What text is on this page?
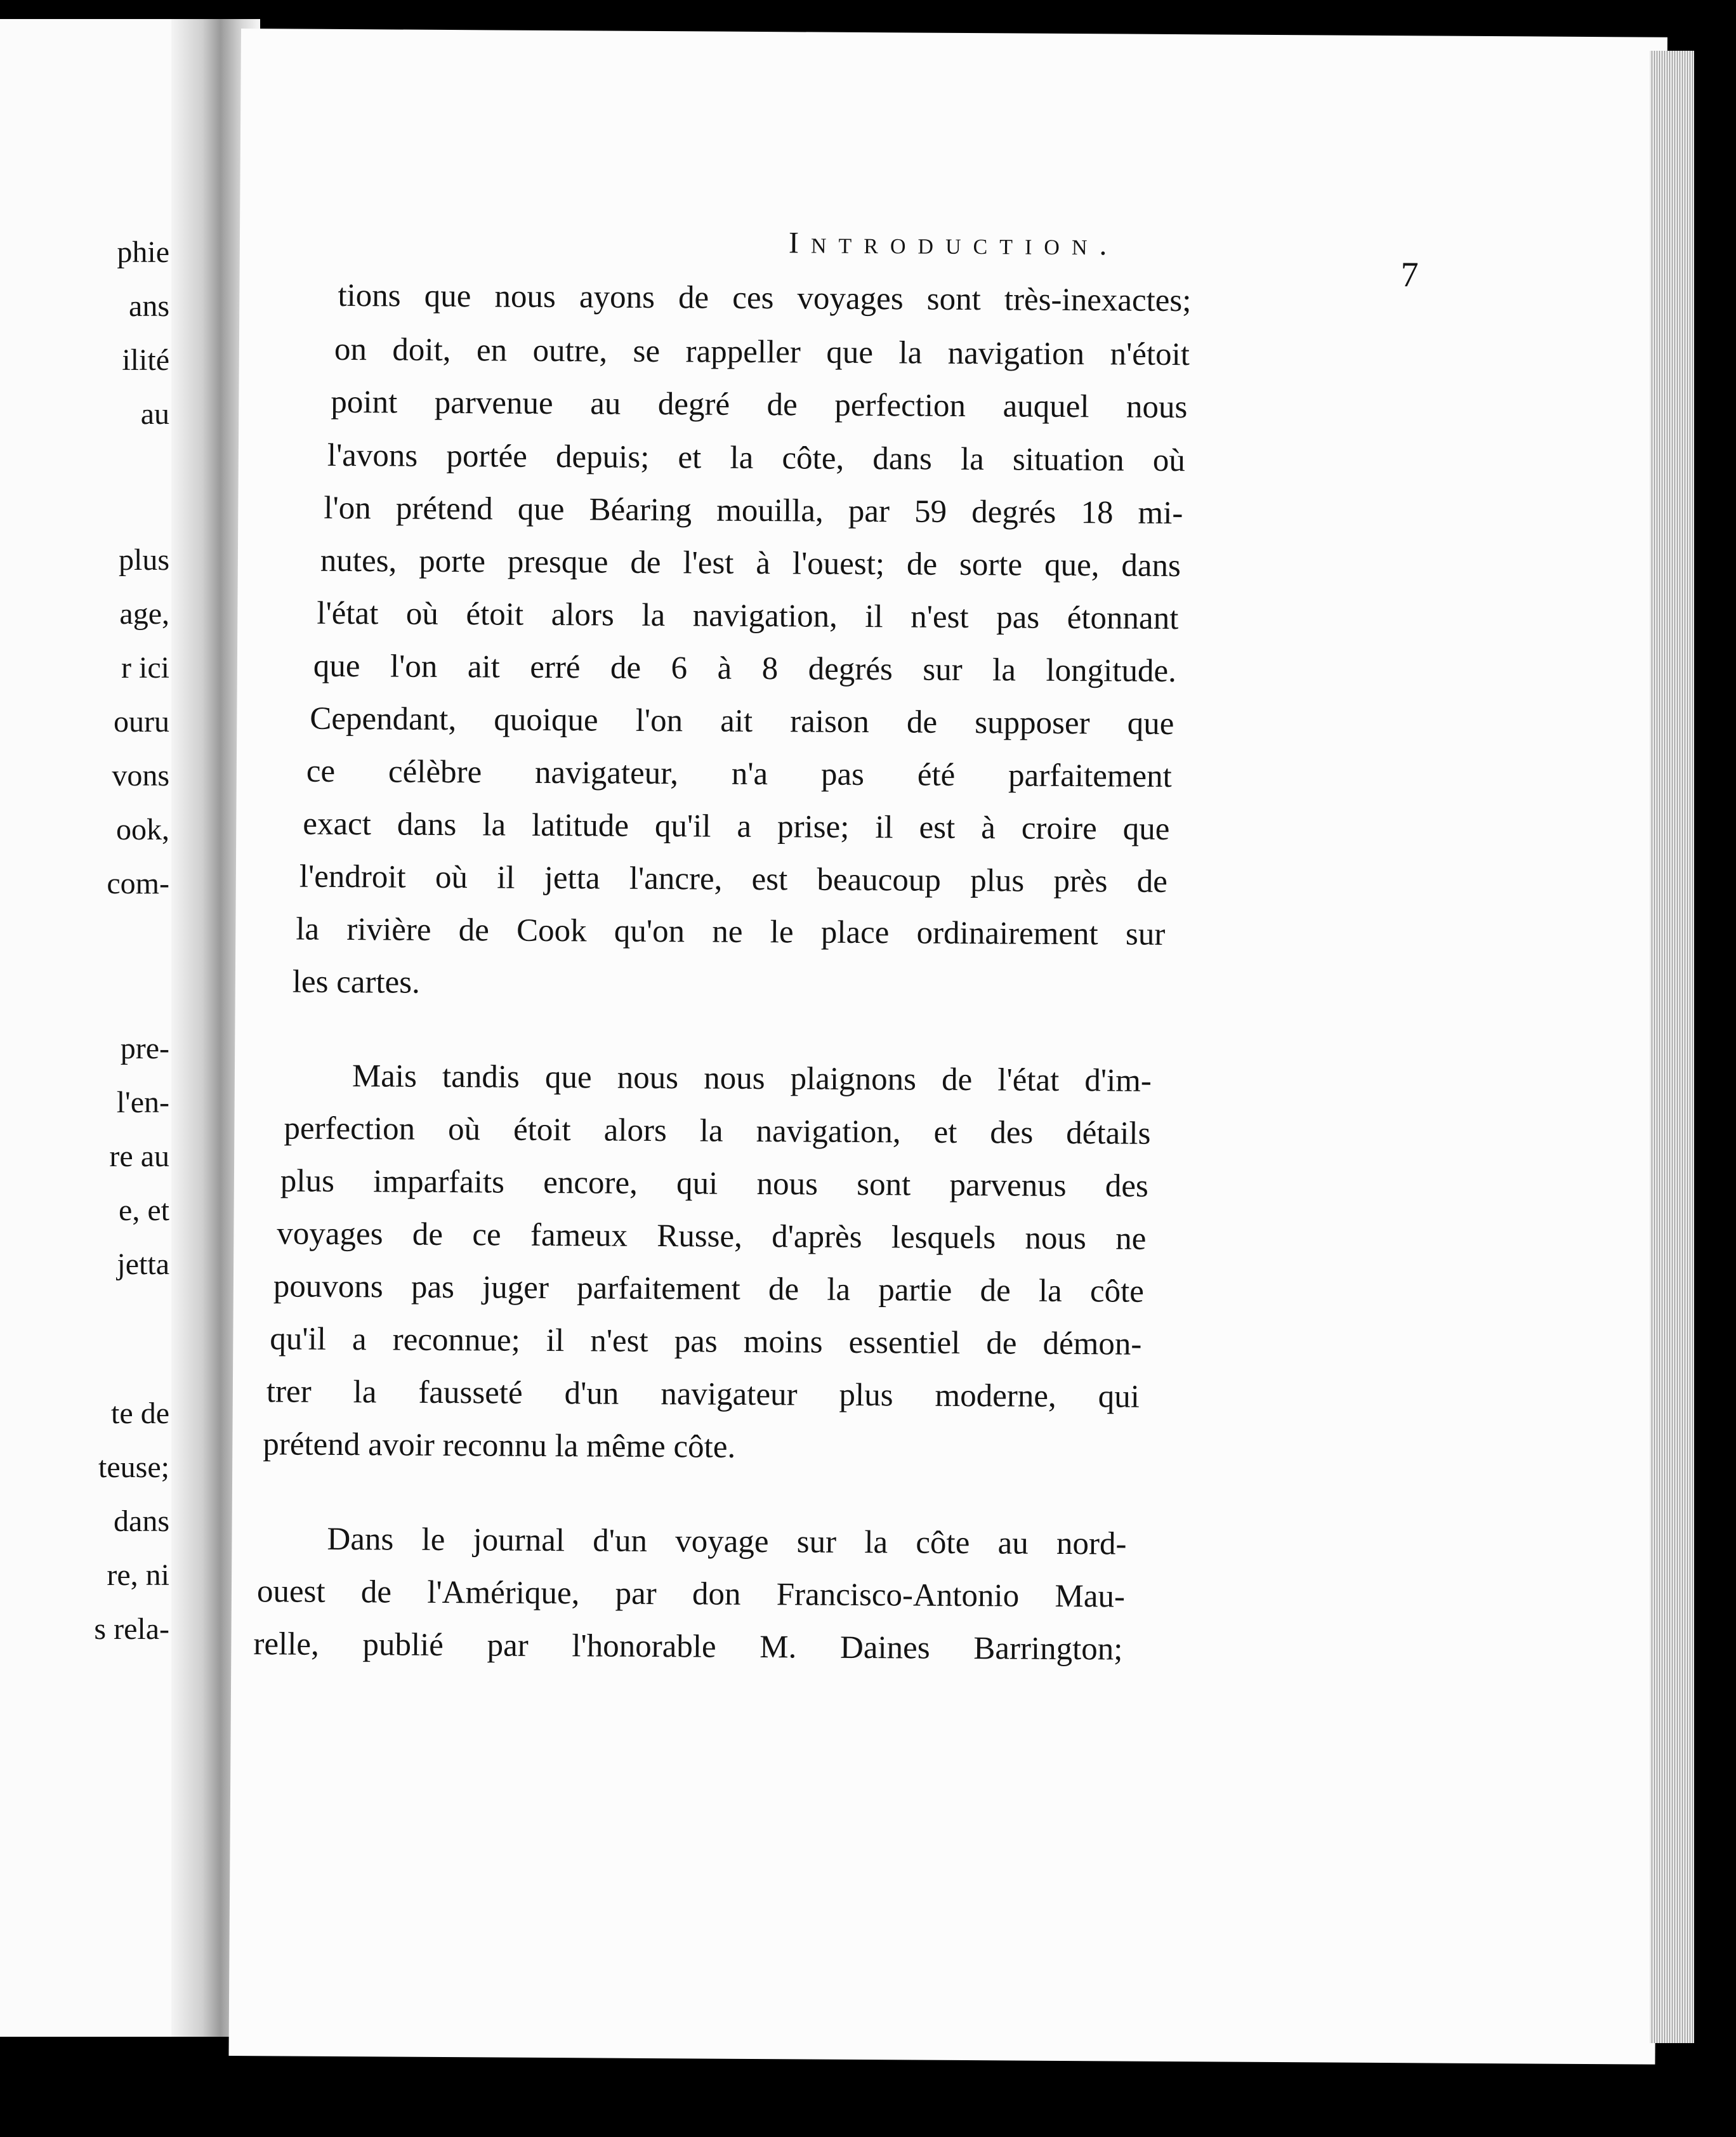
phie
ans
ilité
au
plus
age,
r ici
ouru
vons
ook,
com-
pre-
l'en-
re au
e, et
jetta
te de
teuse;
dans
re, ni
s rela-
Introduction.
7
tions que nous ayons de ces voyages sont très-inexactes;
on doit, en outre, se rappeller que la navigation n'étoit
point parvenue au degré de perfection auquel nous
l'avons portée depuis; et la côte, dans la situation où
l'on prétend que Béaring mouilla, par 59 degrés 18 mi-
nutes, porte presque de l'est à l'ouest; de sorte que, dans
l'état où étoit alors la navigation, il n'est pas étonnant
que l'on ait erré de 6 à 8 degrés sur la longitude.
Cependant, quoique l'on ait raison de supposer que
ce célèbre navigateur, n'a pas été parfaitement
exact dans la latitude qu'il a prise; il est à croire que
l'endroit où il jetta l'ancre, est beaucoup plus près de
la rivière de Cook qu'on ne le place ordinairement sur
les cartes.
Mais tandis que nous nous plaignons de l'état d'im-
perfection où étoit alors la navigation, et des détails
plus imparfaits encore, qui nous sont parvenus des
voyages de ce fameux Russe, d'après lesquels nous ne
pouvons pas juger parfaitement de la partie de la côte
qu'il a reconnue; il n'est pas moins essentiel de démon-
trer la fausseté d'un navigateur plus moderne, qui
prétend avoir reconnu la même côte.
Dans le journal d'un voyage sur la côte au nord-
ouest de l'Amérique, par don Francisco-Antonio Mau-
relle, publié par l'honorable M. Daines Barrington;
